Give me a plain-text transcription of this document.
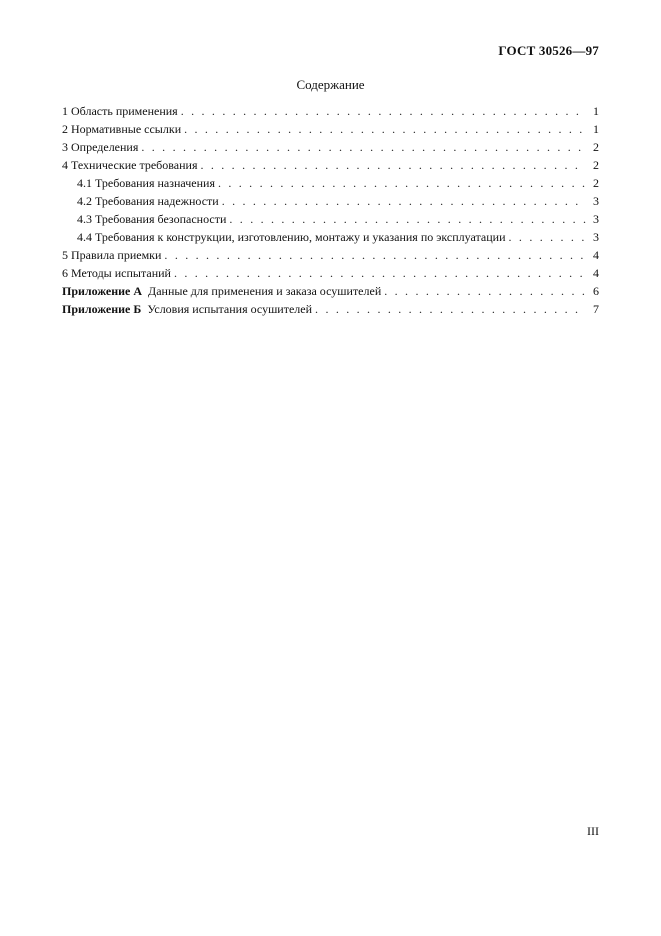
ГОСТ 30526—97
Содержание
1 Область применения . . .	1
2 Нормативные ссылки . . .	1
3 Определения . . .	2
4 Технические требования . . .	2
4.1 Требования назначения . . .	2
4.2 Требования надежности . . .	3
4.3 Требования безопасности . . .	3
4.4 Требования к конструкции, изготовлению, монтажу и указания по эксплуатации . . .	3
5 Правила приемки . . .	4
6 Методы испытаний . . .	4
Приложение А  Данные для применения и заказа осушителей . . .	6
Приложение Б  Условия испытания осушителей . . .	7
III
